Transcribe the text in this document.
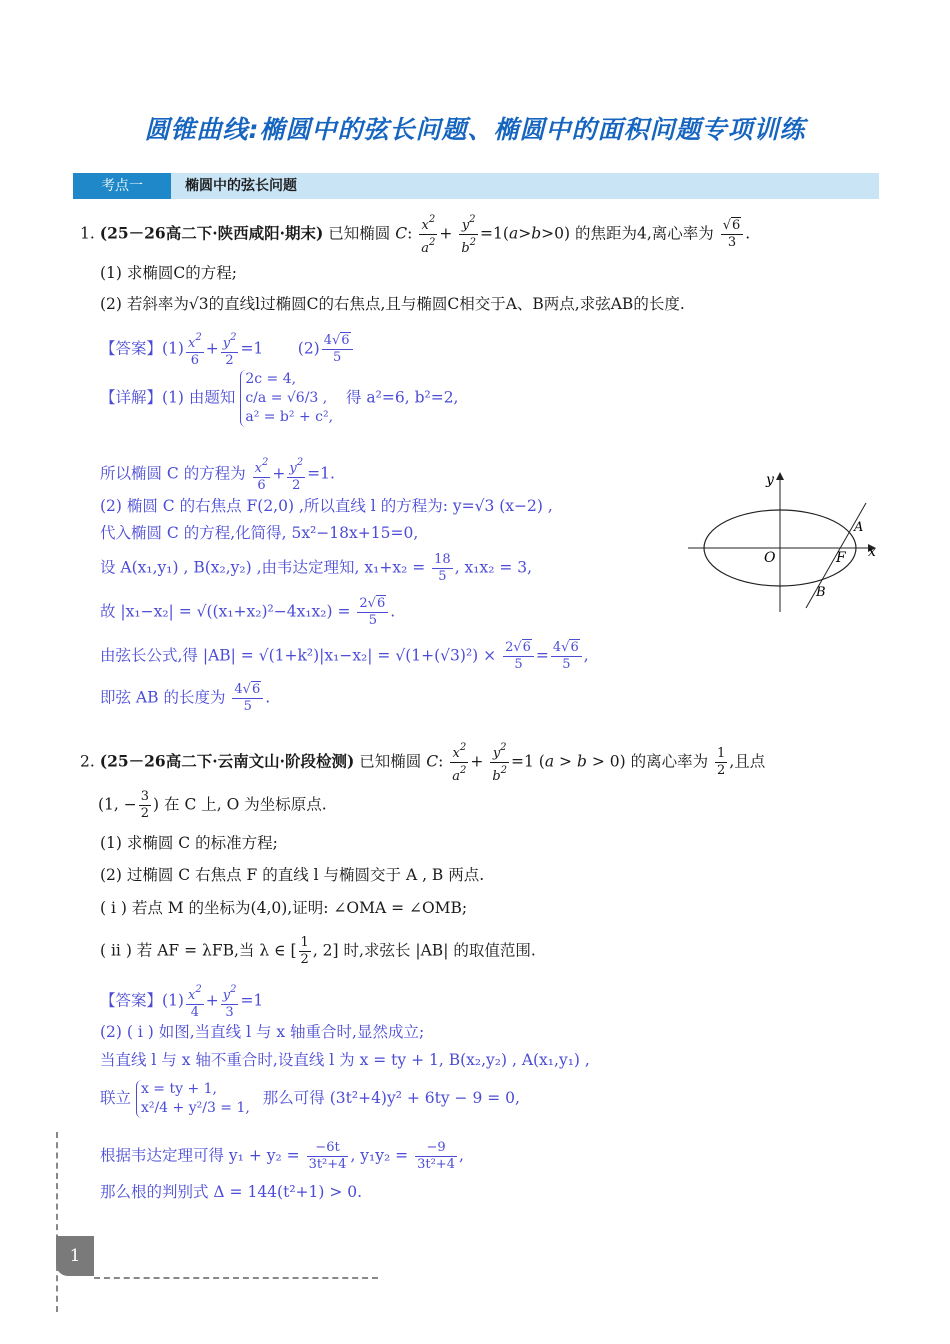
圆锥曲线:椭圆中的弦长问题、椭圆中的面积问题专项训练
考点一	椭圆中的弦长问题
1. (25－26高二下·陕西咸阳·期末) 已知椭圆 C: $\frac{x^2}{a^2} + \frac{y^2}{b^2} =1(a>b>0)$ 的焦距为4,离心率为 $\frac{√6}{3}$ .
(1) 求椭圆C的方程;
(2) 若斜率为√3的直线l过椭圆C的右焦点,且与椭圆C相交于A、B两点,求弦AB的长度.
【答案】$(1) \frac{x^2}{6} + \frac{y^2}{2} =1$       $(2) \frac{4√6}{5}$
【详解】(1) 由题知
2c = 4,
c/a = √6/3 ,
a² = b² + c²,
得 a²=6, b²=2,
所以椭圆 C 的方程为 $\frac{x^2}{6} + \frac{y^2}{2} =1$.
(2) 椭圆 C 的右焦点 F(2,0) ,所以直线 l 的方程为: y=√3 (x−2) ,
代入椭圆 C 的方程,化简得, 5x²−18x+15=0,
设 A(x₁,y₁) , B(x₂,y₂) ,由韦达定理知, $x_1+x_2 = \frac{18}{5}$ , x₁x₂ = 3,
故 $|x_1-x_2| = √((x_1+x_2)^2-4x_1x_2) = \frac{2√6}{5}$ .
由弦长公式,得 $|AB| = √(1+k^2)|x_1-x_2| = √(1+(√3)^2) \times \frac{2√6}{5} = \frac{4√6}{5}$ ,
即弦 AB 的长度为 $\frac{4√6}{5}$ .
y
O	F
A
B
x
2. (25－26高二下·云南文山·阶段检测) 已知椭圆 C: $\frac{x^2}{a^2} + \frac{y^2}{b^2} =1$ (a > b > 0) 的离心率为 $\frac{1}{2}$ ,且点
(1, − $\frac{3}{2}$ ) 在 C 上, O 为坐标原点.
(1) 求椭圆 C 的标准方程;
(2) 过椭圆 C 右焦点 F 的直线 l 与椭圆交于 A , B 两点.
( i ) 若点 M 的坐标为(4,0),证明: ∠OMA = ∠OMB;
( ii ) 若 AF = λFB,当 λ ∈ [ $\frac{1}{2}$ , 2] 时,求弦长 |AB| 的取值范围.
【答案】$(1) \frac{x^2}{4} + \frac{y^2}{3} =1$
(2) ( i ) 如图,当直线 l 与 x 轴重合时,显然成立;
当直线 l 与 x 轴不重合时,设直线 l 为 x = ty + 1, B(x₂,y₂) , A(x₁,y₁) ,
联立 x = ty + 1,
x²/4 + y²/3 = 1,
那么可得 (3t²+4)y² + 6ty − 9 = 0,
根据韦达定理可得 $y_1 + y_2 = \frac{-6t}{\text{3t²+4}}$ , $y_1y_2 = \frac{-9}{\text{3t²+4}}$ ,
那么根的判别式 Δ = 144(t²+1) > 0.
1
